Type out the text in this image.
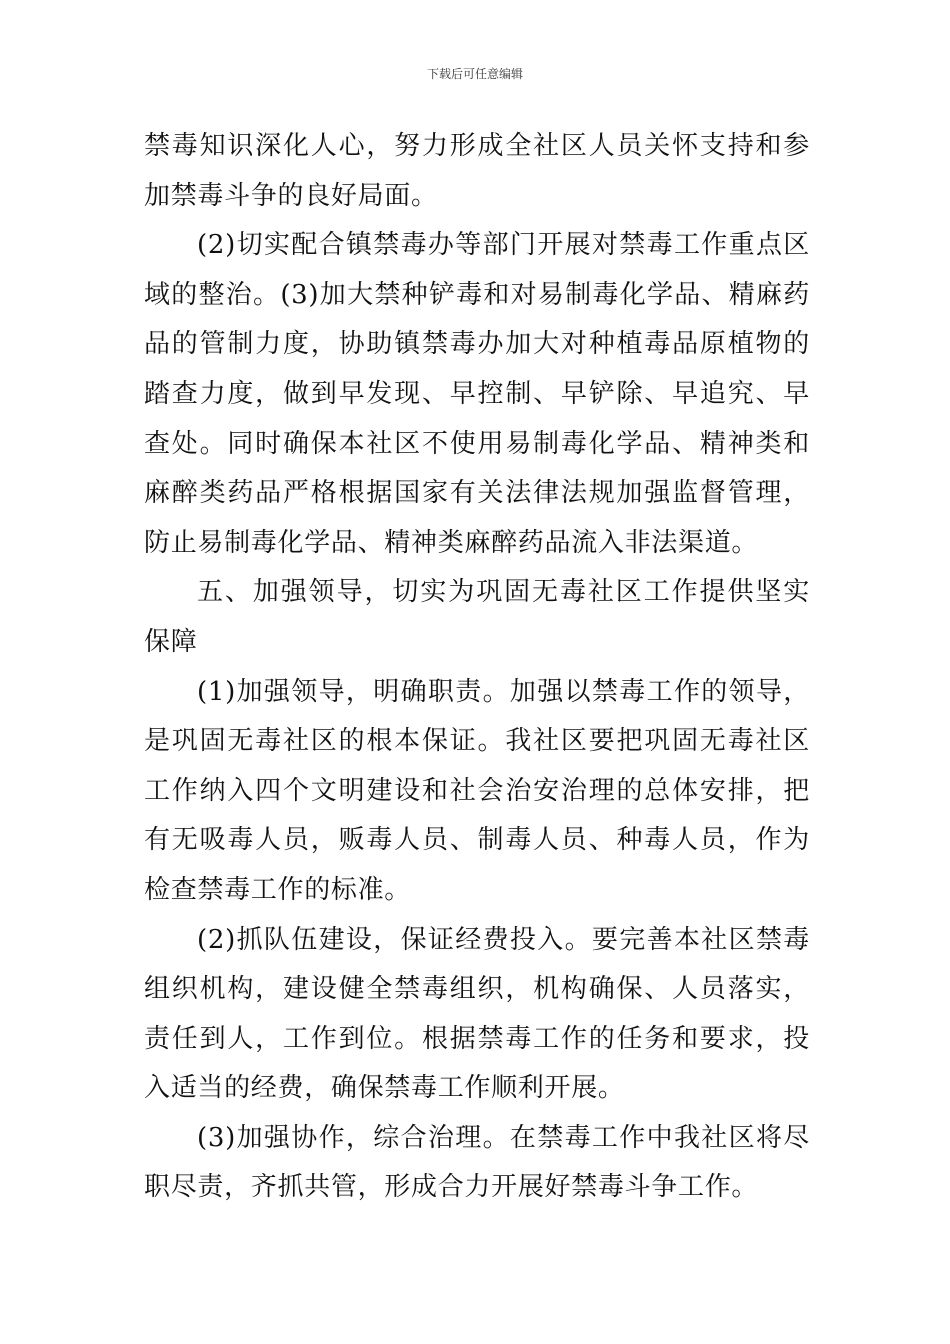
下载后可任意编辑

禁毒知识深化人心，努力形成全社区人员关怀支持和参加禁毒斗争的良好局面。

(2)切实配合镇禁毒办等部门开展对禁毒工作重点区域的整治。(3)加大禁种铲毒和对易制毒化学品、精麻药品的管制力度，协助镇禁毒办加大对种植毒品原植物的踏查力度，做到早发现、早控制、早铲除、早追究、早查处。同时确保本社区不使用易制毒化学品、精神类和麻醉类药品严格根据国家有关法律法规加强监督管理，防止易制毒化学品、精神类麻醉药品流入非法渠道。

五、加强领导，切实为巩固无毒社区工作提供坚实保障

(1)加强领导，明确职责。加强以禁毒工作的领导，是巩固无毒社区的根本保证。我社区要把巩固无毒社区工作纳入四个文明建设和社会治安治理的总体安排，把有无吸毒人员，贩毒人员、制毒人员、种毒人员，作为检查禁毒工作的标准。

(2)抓队伍建设，保证经费投入。要完善本社区禁毒组织机构，建设健全禁毒组织，机构确保、人员落实，责任到人，工作到位。根据禁毒工作的任务和要求，投入适当的经费，确保禁毒工作顺利开展。

(3)加强协作，综合治理。在禁毒工作中我社区将尽职尽责，齐抓共管，形成合力开展好禁毒斗争工作。
